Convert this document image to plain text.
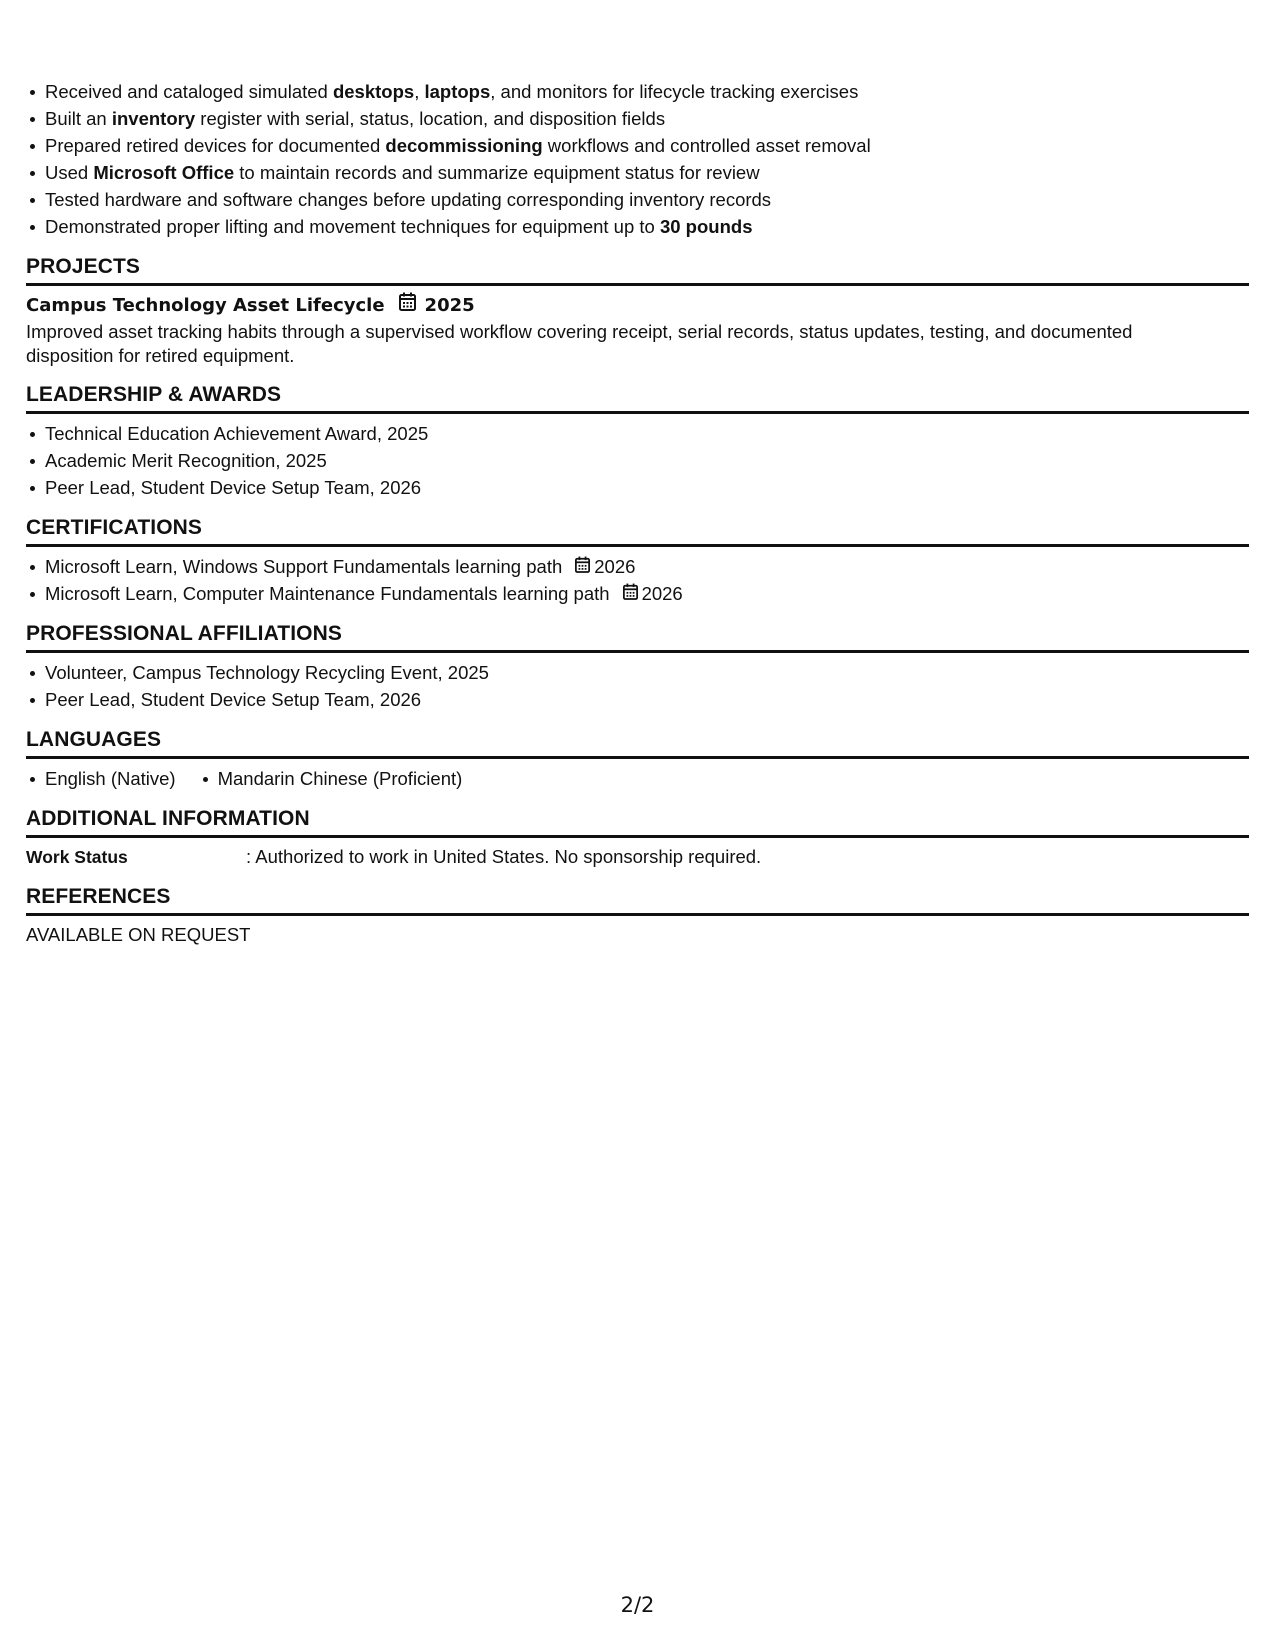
Received and cataloged simulated desktops, laptops, and monitors for lifecycle tracking exercises
Built an inventory register with serial, status, location, and disposition fields
Prepared retired devices for documented decommissioning workflows and controlled asset removal
Used Microsoft Office to maintain records and summarize equipment status for review
Tested hardware and software changes before updating corresponding inventory records
Demonstrated proper lifting and movement techniques for equipment up to 30 pounds
PROJECTS
Campus Technology Asset Lifecycle 2025
Improved asset tracking habits through a supervised workflow covering receipt, serial records, status updates, testing, and documented disposition for retired equipment.
LEADERSHIP & AWARDS
Technical Education Achievement Award, 2025
Academic Merit Recognition, 2025
Peer Lead, Student Device Setup Team, 2026
CERTIFICATIONS
Microsoft Learn, Windows Support Fundamentals learning path 2026
Microsoft Learn, Computer Maintenance Fundamentals learning path 2026
PROFESSIONAL AFFILIATIONS
Volunteer, Campus Technology Recycling Event, 2025
Peer Lead, Student Device Setup Team, 2026
LANGUAGES
English (Native) Mandarin Chinese (Proficient)
ADDITIONAL INFORMATION
Work Status	: Authorized to work in United States. No sponsorship required.
REFERENCES
AVAILABLE ON REQUEST
2/2
